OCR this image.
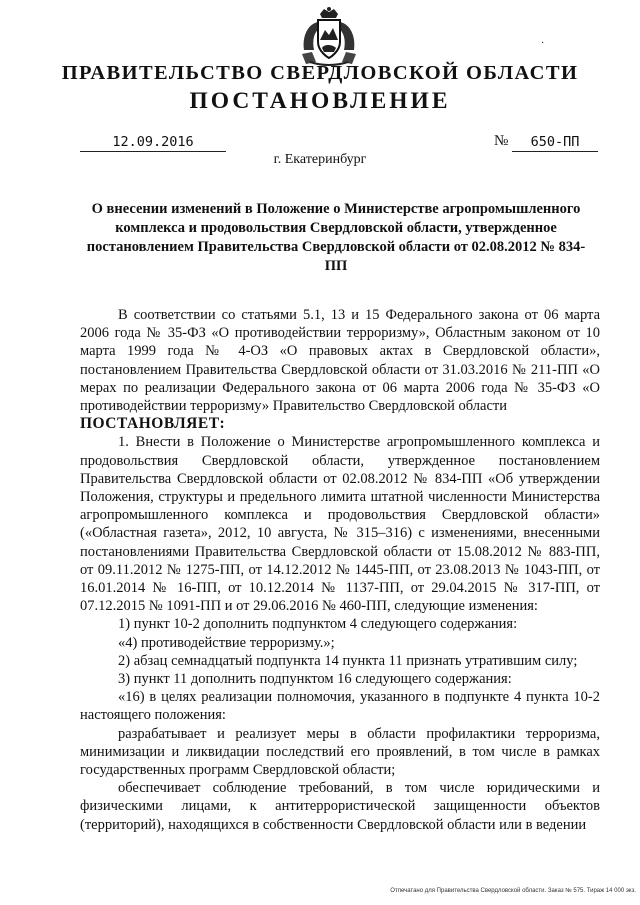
·
ПРАВИТЕЛЬСТВО СВЕРДЛОВСКОЙ ОБЛАСТИ
ПОСТАНОВЛЕНИЕ
12.09.2016	№	650-ПП
г. Екатеринбург
О внесении изменений в Положение о Министерстве агропромышленного комплекса и продовольствия Свердловской области, утвержденное постановлением Правительства Свердловской области от 02.08.2012 № 834-ПП

В соответствии со статьями 5.1, 13 и 15 Федерального закона от 06 марта 2006 года № 35-ФЗ «О противодействии терроризму», Областным законом от 10 марта 1999 года № 4-ОЗ «О правовых актах в Свердловской области», постановлением Правительства Свердловской области от 31.03.2016 № 211-ПП «О мерах по реализации Федерального закона от 06 марта 2006 года № 35-ФЗ «О противодействии терроризму» Правительство Свердловской области

ПОСТАНОВЛЯЕТ:

1. Внести в Положение о Министерстве агропромышленного комплекса и продовольствия Свердловской области, утвержденное постановлением Правительства Свердловской области от 02.08.2012 № 834-ПП «Об утверждении Положения, структуры и предельного лимита штатной численности Министерства агропромышленного комплекса и продовольствия Свердловской области» («Областная газета», 2012, 10 августа, № 315–316) с изменениями, внесенными постановлениями Правительства Свердловской области от 15.08.2012 № 883-ПП, от 09.11.2012 № 1275-ПП, от 14.12.2012 № 1445-ПП, от 23.08.2013 № 1043-ПП, от 16.01.2014 № 16-ПП, от 10.12.2014 № 1137-ПП, от 29.04.2015 № 317-ПП, от 07.12.2015 № 1091-ПП и от 29.06.2016 № 460-ПП, следующие изменения:

1) пункт 10-2 дополнить подпунктом 4 следующего содержания:

«4) противодействие терроризму.»;

2) абзац семнадцатый подпункта 14 пункта 11 признать утратившим силу;

3) пункт 11 дополнить подпунктом 16 следующего содержания:

«16) в целях реализации полномочия, указанного в подпункте 4 пункта 10-2 настоящего положения:

разрабатывает и реализует меры в области профилактики терроризма, минимизации и ликвидации последствий его проявлений, в том числе в рамках государственных программ Свердловской области;

обеспечивает соблюдение требований, в том числе юридическими и физическими лицами, к антитеррористической защищенности объектов (территорий), находящихся в собственности Свердловской области или в ведении

Отпечатано для Правительства Свердловской области. Заказ № 575. Тираж 14 000 экз.
